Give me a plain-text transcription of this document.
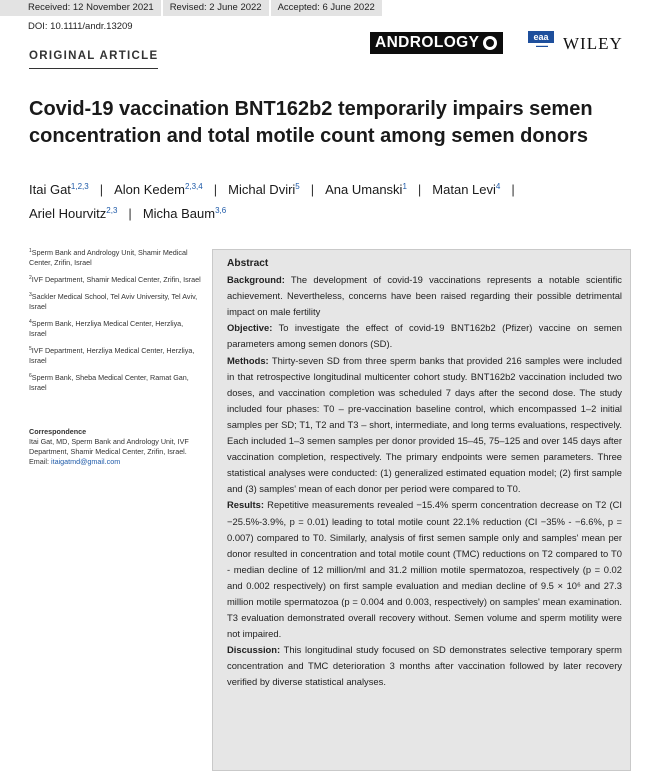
Received: 12 November 2021	Revised: 2 June 2022	Accepted: 6 June 2022
DOI: 10.1111/andr.13209
ANDROLOGY	eaa
▬▬▬ WILEY
ORIGINAL ARTICLE
Covid-19 vaccination BNT162b2 temporarily impairs semen concentration and total motile count among semen donors
Itai Gat$^{1,2,3}$ | Alon Kedem$^{2,3,4}$ | Michal Dviri$^5$ | Ana Umanski$^1$ | Matan Levi$^4$ |
Ariel Hourvitz$^{2,3}$ | Micha Baum$^{3,6}$

$^1$Sperm Bank and Andrology Unit, Shamir Medical Center, Zrifin, Israel

$^2$IVF Department, Shamir Medical Center, Zrifin, Israel

$^3$Sackler Medical School, Tel Aviv University, Tel Aviv, Israel

$^4$Sperm Bank, Herzliya Medical Center, Herzliya, Israel

$^5$IVF Department, Herzliya Medical Center, Herzliya, Israel

$^6$Sperm Bank, Sheba Medical Center, Ramat Gan, Israel

Correspondence
Itai Gat, MD, Sperm Bank and Andrology Unit, IVF Department, Shamir Medical Center, Zrifin, Israel.
Email: itaigatmd@gmail.com

Abstract

Background: The development of covid-19 vaccinations represents a notable scientific achievement. Nevertheless, concerns have been raised regarding their possible detrimental impact on male fertility

Objective: To investigate the effect of covid-19 BNT162b2 (Pfizer) vaccine on semen parameters among semen donors (SD).

Methods: Thirty-seven SD from three sperm banks that provided 216 samples were included in that retrospective longitudinal multicenter cohort study. BNT162b2 vaccination included two doses, and vaccination completion was scheduled 7 days after the second dose. The study included four phases: T0 – pre-vaccination baseline control, which encompassed 1–2 initial samples per SD; T1, T2 and T3 – short, intermediate, and long terms evaluations, respectively. Each included 1–3 semen samples per donor provided 15–45, 75–125 and over 145 days after vaccination completion, respectively. The primary endpoints were semen parameters. Three statistical analyses were conducted: (1) generalized estimated equation model; (2) first sample and (3) samples' mean of each donor per period were compared to T0.

Results: Repetitive measurements revealed −15.4% sperm concentration decrease on T2 (CI −25.5%-3.9%, p = 0.01) leading to total motile count 22.1% reduction (CI −35% - −6.6%, p = 0.007) compared to T0. Similarly, analysis of first semen sample only and samples' mean per donor resulted in concentration and total motile count (TMC) reductions on T2 compared to T0 - median decline of 12 million/ml and 31.2 million motile spermatozoa, respectively (p = 0.02 and 0.002 respectively) on first sample evaluation and median decline of 9.5 × 10⁶ and 27.3 million motile spermatozoa (p = 0.004 and 0.003, respectively) on samples' mean examination. T3 evaluation demonstrated overall recovery without. Semen volume and sperm motility were not impaired.

Discussion: This longitudinal study focused on SD demonstrates selective temporary sperm concentration and TMC deterioration 3 months after vaccination followed by later recovery verified by diverse statistical analyses.
